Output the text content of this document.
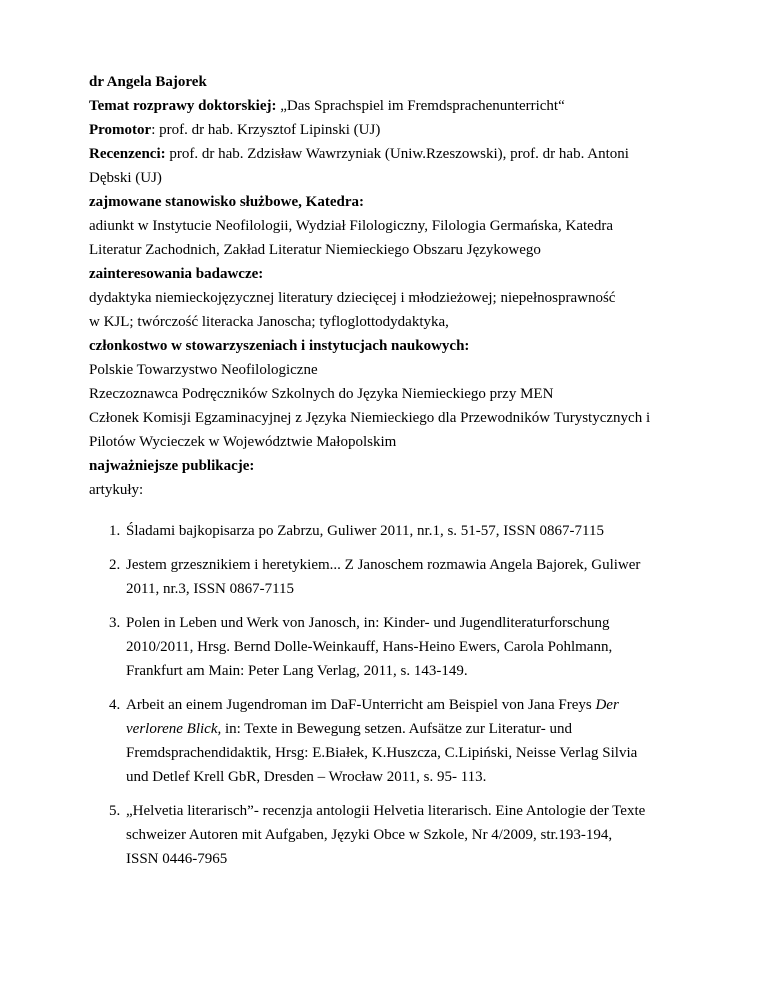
dr Angela Bajorek

Temat rozprawy doktorskiej: „Das Sprachspiel im Fremdsprachenunterricht“

Promotor: prof. dr hab. Krzysztof Lipinski (UJ)

Recenzenci: prof. dr hab. Zdzisław Wawrzyniak (Uniw.Rzeszowski), prof. dr hab. Antoni

Dębski (UJ)

zajmowane stanowisko służbowe, Katedra:

adiunkt w Instytucie Neofilologii, Wydział Filologiczny, Filologia Germańska, Katedra

Literatur Zachodnich, Zakład Literatur Niemieckiego Obszaru Językowego

zainteresowania badawcze:

dydaktyka niemieckojęzycznej literatury dziecięcej i młodzieżowej; niepełnosprawność

w KJL; twórczość literacka Janoscha; tyfloglottodydaktyka,

członkostwo w stowarzyszeniach i instytucjach naukowych:

Polskie Towarzystwo Neofilologiczne

Rzeczoznawca Podręczników Szkolnych do Języka Niemieckiego przy MEN

Członek Komisji Egzaminacyjnej z Języka Niemieckiego dla Przewodników Turystycznych i

Pilotów Wycieczek w Województwie Małopolskim

najważniejsze publikacje:

artykuły:

1. Śladami bajkopisarza po Zabrzu, Guliwer 2011, nr.1, s. 51-57, ISSN 0867-7115
2. Jestem grzesznikiem i heretykiem... Z Janoschem rozmawia Angela Bajorek, Guliwer
2011, nr.3, ISSN 0867-7115
3. Polen in Leben und Werk von Janosch, in: Kinder- und Jugendliteraturforschung
2010/2011, Hrsg. Bernd Dolle-Weinkauff, Hans-Heino Ewers, Carola Pohlmann,
Frankfurt am Main: Peter Lang Verlag, 2011, s. 143-149.
4. Arbeit an einem Jugendroman im DaF-Unterricht am Beispiel von Jana Freys Der
verlorene Blick, in: Texte in Bewegung setzen. Aufsätze zur Literatur- und
Fremdsprachendidaktik, Hrsg: E.Białek, K.Huszcza, C.Lipiński, Neisse Verlag Silvia
und Detlef Krell GbR, Dresden – Wrocław 2011, s. 95- 113.
5. „Helvetia literarisch”- recenzja antologii Helvetia literarisch. Eine Antologie der Texte
schweizer Autoren mit Aufgaben, Języki Obce w Szkole, Nr 4/2009, str.193-194,
ISSN 0446-7965
